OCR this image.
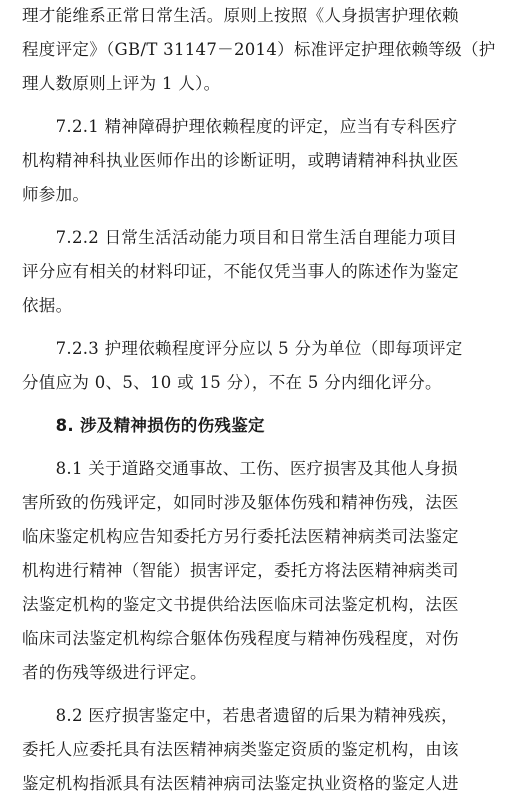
理才能维系正常日常生活。原则上按照《人身损害护理依赖
程度评定》（GB/T 31147－2014）标准评定护理依赖等级（护
理人数原则上评为 1 人）。
　　7.2.1 精神障碍护理依赖程度的评定，应当有专科医疗
机构精神科执业医师作出的诊断证明，或聘请精神科执业医
师参加。
　　7.2.2 日常生活活动能力项目和日常生活自理能力项目
评分应有相关的材料印证，不能仅凭当事人的陈述作为鉴定
依据。
　　7.2.3 护理依赖程度评分应以 5 分为单位（即每项评定
分值应为 0、5、10 或 15 分），不在 5 分内细化评分。
　　8. 涉及精神损伤的伤残鉴定
　　8.1 关于道路交通事故、工伤、医疗损害及其他人身损
害所致的伤残评定，如同时涉及躯体伤残和精神伤残，法医
临床鉴定机构应告知委托方另行委托法医精神病类司法鉴定
机构进行精神（智能）损害评定，委托方将法医精神病类司
法鉴定机构的鉴定文书提供给法医临床司法鉴定机构，法医
临床司法鉴定机构综合躯体伤残程度与精神伤残程度，对伤
者的伤残等级进行评定。
　　8.2 医疗损害鉴定中，若患者遗留的后果为精神残疾，
委托人应委托具有法医精神病类鉴定资质的鉴定机构，由该
鉴定机构指派具有法医精神病司法鉴定执业资格的鉴定人进
